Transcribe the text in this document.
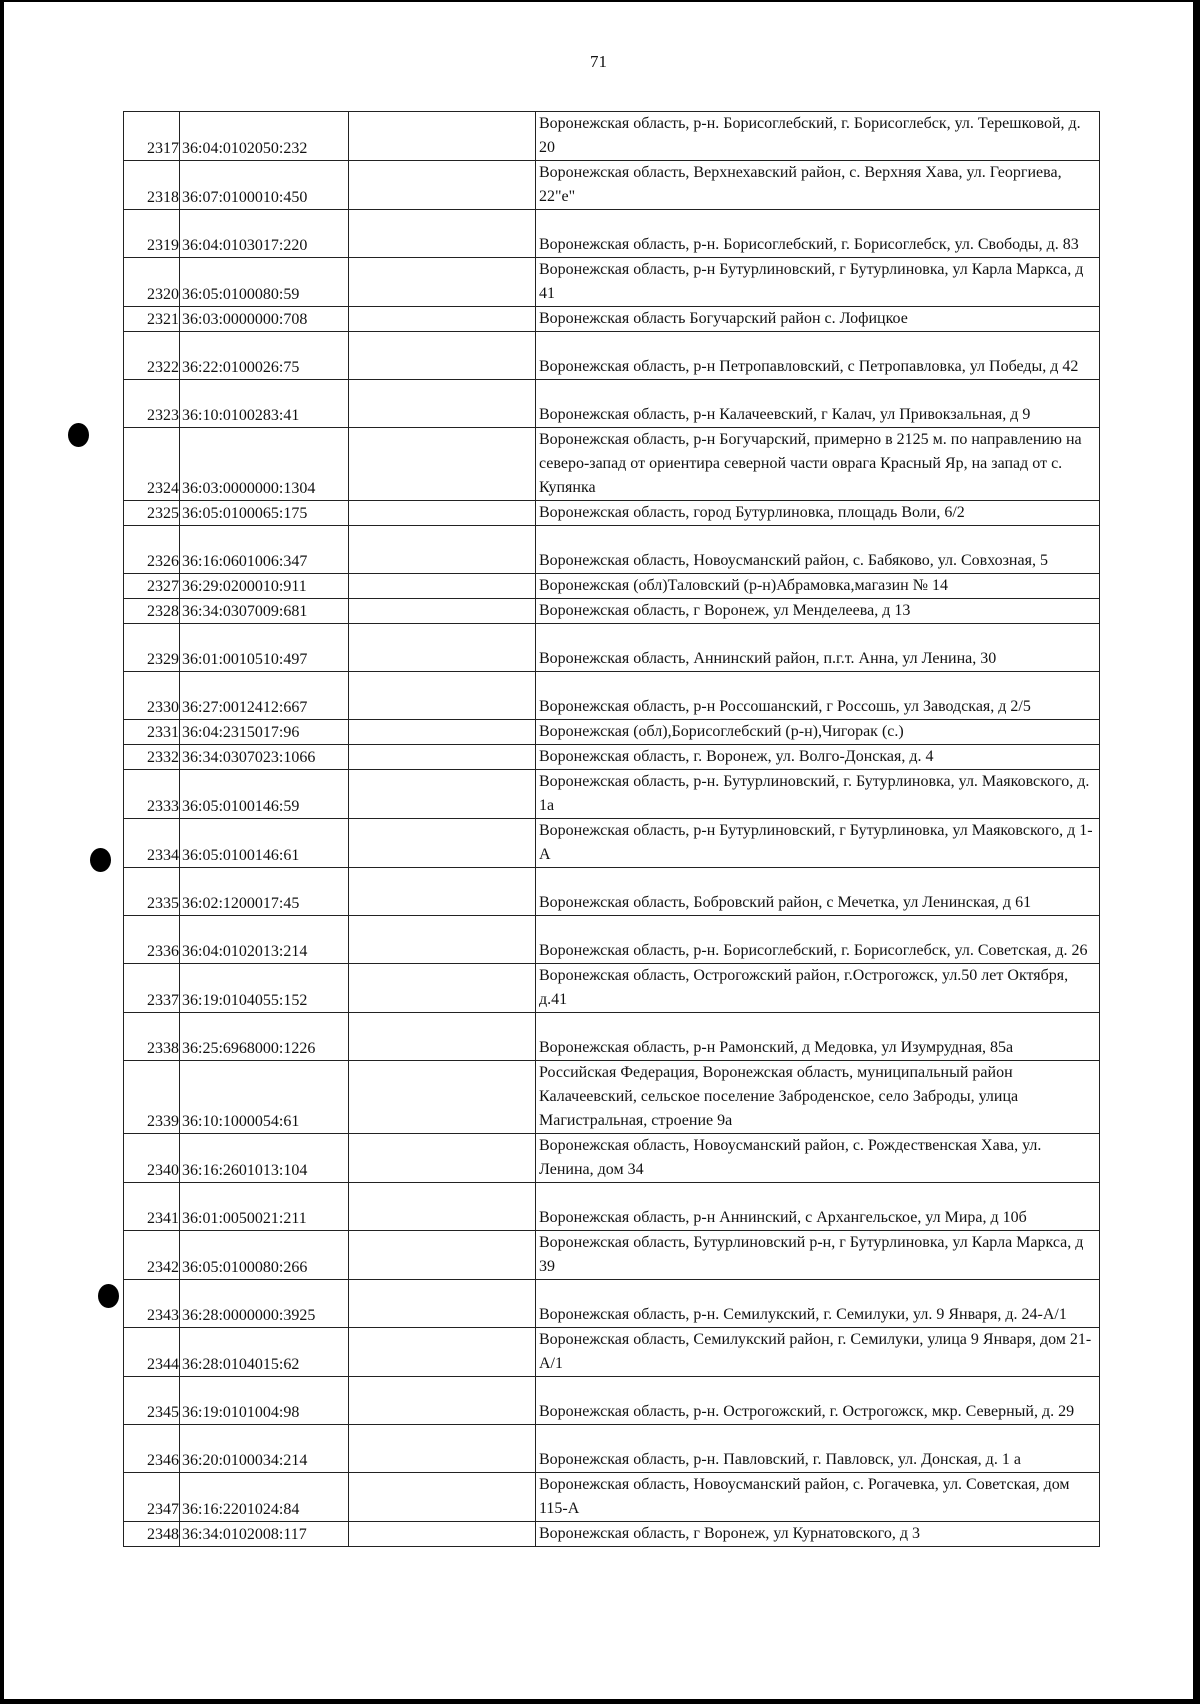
71
2317	36:04:0102050:232		Воронежская область, р-н. Борисоглебский, г. Борисоглебск, ул. Терешковой, д. 20
2318	36:07:0100010:450		Воронежская область, Верхнехавский район, с. Верхняя Хава, ул. Георгиева, 22"е"
2319	36:04:0103017:220		Воронежская область, р-н. Борисоглебский, г. Борисоглебск, ул. Свободы, д. 83
2320	36:05:0100080:59		Воронежская область, р-н Бутурлиновский, г Бутурлиновка, ул Карла Маркса, д 41
2321	36:03:0000000:708		Воронежская область Богучарский район с. Лофицкое
2322	36:22:0100026:75		Воронежская область, р-н Петропавловский, с Петропавловка, ул Победы, д 42
2323	36:10:0100283:41		Воронежская область, р-н Калачеевский, г Калач, ул Привокзальная, д 9
2324	36:03:0000000:1304		Воронежская область, р-н Богучарский, примерно в 2125 м. по направлению на северо-запад от ориентира северной части оврага Красный Яр, на запад от с. Купянка
2325	36:05:0100065:175		Воронежская область, город Бутурлиновка, площадь Воли, 6/2
2326	36:16:0601006:347		Воронежская область, Новоусманский район, с. Бабяково, ул. Совхозная, 5
2327	36:29:0200010:911		Воронежская (обл)Таловский (р-н)Абрамовка,магазин № 14
2328	36:34:0307009:681		Воронежская область, г Воронеж, ул Менделеева, д 13
2329	36:01:0010510:497		Воронежская область, Аннинский район, п.г.т. Анна, ул Ленина, 30
2330	36:27:0012412:667		Воронежская область, р-н Россошанский, г Россошь, ул Заводская, д 2/5
2331	36:04:2315017:96		Воронежская (обл),Борисоглебский (р-н),Чигорак (с.)
2332	36:34:0307023:1066		Воронежская область, г. Воронеж, ул. Волго-Донская, д. 4
2333	36:05:0100146:59		Воронежская область, р-н. Бутурлиновский, г. Бутурлиновка, ул. Маяковского, д. 1а
2334	36:05:0100146:61		Воронежская область, р-н Бутурлиновский, г Бутурлиновка, ул Маяковского, д 1-А
2335	36:02:1200017:45		Воронежская область, Бобровский район, с Мечетка, ул Ленинская, д 61
2336	36:04:0102013:214		Воронежская область, р-н. Борисоглебский, г. Борисоглебск, ул. Советская, д. 26
2337	36:19:0104055:152		Воронежская область, Острогожский район, г.Острогожск, ул.50 лет Октября, д.41
2338	36:25:6968000:1226		Воронежская область, р-н Рамонский, д Медовка, ул Изумрудная, 85а
2339	36:10:1000054:61		Российская Федерация, Воронежская область, муниципальный район Калачеевский, сельское поселение Заброденское, село Заброды, улица Магистральная, строение 9а
2340	36:16:2601013:104		Воронежская область, Новоусманский район, с. Рождественская Хава, ул. Ленина, дом 34
2341	36:01:0050021:211		Воронежская область, р-н Аннинский, с Архангельское, ул Мира, д 10б
2342	36:05:0100080:266		Воронежская область, Бутурлиновский р-н, г Бутурлиновка, ул Карла Маркса, д 39
2343	36:28:0000000:3925		Воронежская область, р-н. Семилукский, г. Семилуки, ул. 9 Января, д. 24-А/1
2344	36:28:0104015:62		Воронежская область, Семилукский район, г. Семилуки, улица 9 Января, дом 21-А/1
2345	36:19:0101004:98		Воронежская область, р-н. Острогожский, г. Острогожск, мкр. Северный, д. 29
2346	36:20:0100034:214		Воронежская область, р-н. Павловский, г. Павловск, ул. Донская, д. 1 а
2347	36:16:2201024:84		Воронежская область, Новоусманский район, с. Рогачевка, ул. Советская, дом 115-А
2348	36:34:0102008:117		Воронежская область, г Воронеж, ул Курнатовского, д 3
